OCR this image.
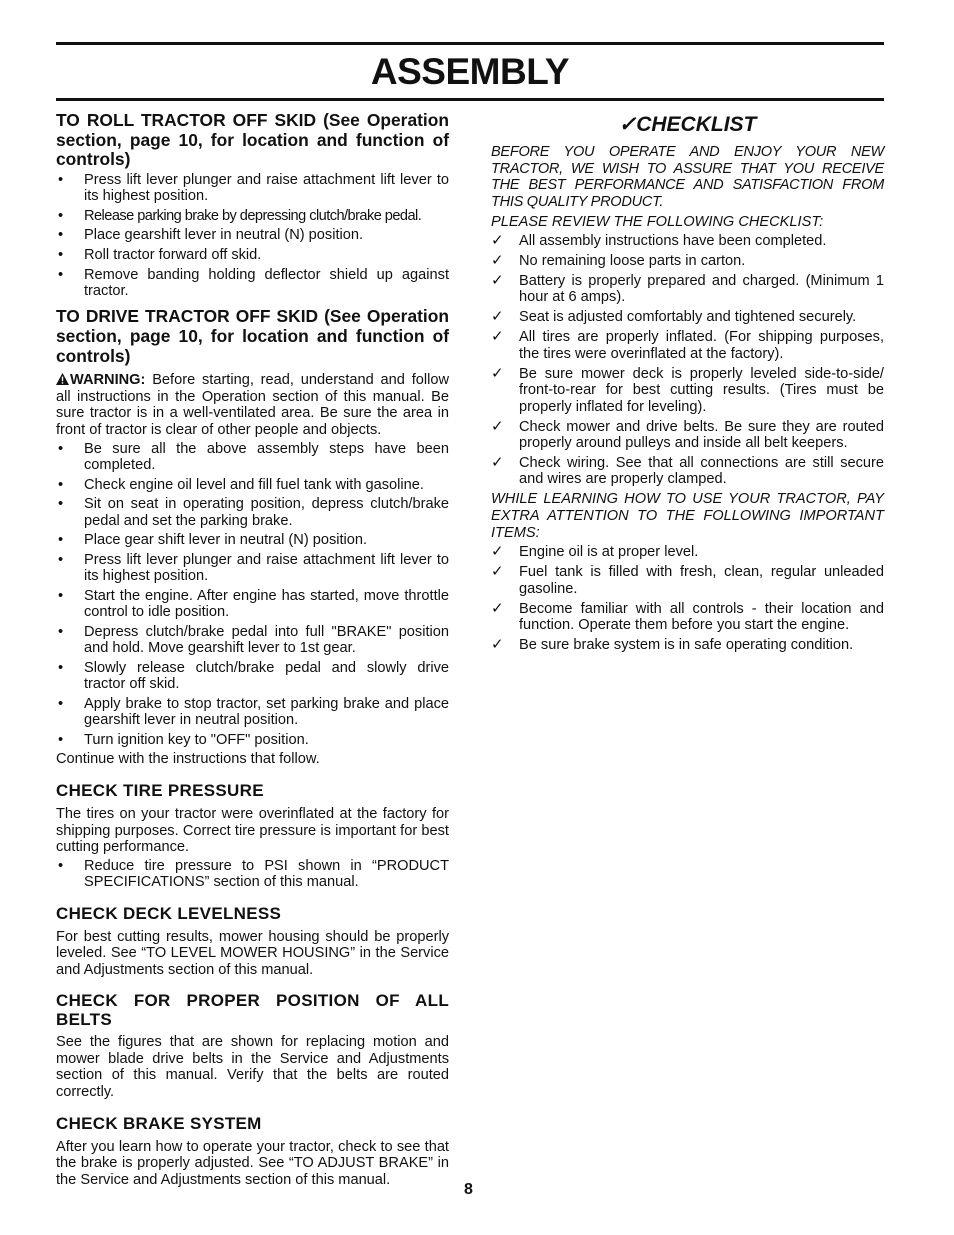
ASSEMBLY
TO ROLL TRACTOR OFF SKID (See Operation section, page 10, for location and function of controls)
• Press lift lever plunger and raise attachment lift lever to its highest position.
• Release parking brake by depressing clutch/brake pedal.
• Place gearshift lever in neutral (N) position.
• Roll tractor forward off skid.
• Remove banding holding deflector shield up against tractor.
TO DRIVE TRACTOR OFF SKID (See Operation section, page 10, for location and function of controls)

WARNING: Before starting, read, understand and follow all instructions in the Operation section of this manual. Be sure tractor is in a well-ventilated area. Be sure the area in front of tractor is clear of other people and objects.

• Be sure all the above assembly steps have been completed.
• Check engine oil level and fill fuel tank with gasoline.
• Sit on seat in operating position, depress clutch/brake pedal and set the parking brake.
• Place gear shift lever in neutral (N) position.
• Press lift lever plunger and raise attachment lift lever to its highest position.
• Start the engine. After engine has started, move throttle control to idle position.
• Depress clutch/brake pedal into full "BRAKE" position and hold. Move gearshift lever to 1st gear.
• Slowly release clutch/brake pedal and slowly drive tractor off skid.
• Apply brake to stop tractor, set parking brake and place gearshift lever in neutral position.
• Turn ignition key to "OFF" position.

Continue with the instructions that follow.

CHECK TIRE PRESSURE

The tires on your tractor were overinflated at the factory for shipping purposes. Correct tire pressure is important for best cutting performance.

• Reduce tire pressure to PSI shown in “PRODUCT SPECIFICATIONS” section of this manual.
CHECK DECK LEVELNESS

For best cutting results, mower housing should be properly leveled. See “TO LEVEL MOWER HOUSING” in the Service and Adjustments section of this manual.

CHECK FOR PROPER POSITION OF ALL BELTS

See the figures that are shown for replacing motion and mower blade drive belts in the Service and Adjustments section of this manual. Verify that the belts are routed correctly.

CHECK BRAKE SYSTEM

After you learn how to operate your tractor, check to see that the brake is properly adjusted. See “TO ADJUST BRAKE” in the Service and Adjustments section of this manual.

✓CHECKLIST

BEFORE YOU OPERATE AND ENJOY YOUR NEW TRACTOR, WE WISH TO ASSURE THAT YOU RECEIVE THE BEST PERFORMANCE AND SATISFACTION FROM THIS QUALITY PRODUCT.

PLEASE REVIEW THE FOLLOWING CHECKLIST:

✓ All assembly instructions have been completed.
✓ No remaining loose parts in carton.
✓ Battery is properly prepared and charged. (Minimum 1 hour at 6 amps).
✓ Seat is adjusted comfortably and tightened securely.
✓ All tires are properly inflated. (For shipping purposes, the tires were overinflated at the factory).
✓ Be sure mower deck is properly leveled side-to-side/ front-to-rear for best cutting results. (Tires must be properly inflated for leveling).
✓ Check mower and drive belts. Be sure they are routed properly around pulleys and inside all belt keepers.
✓ Check wiring. See that all connections are still secure and wires are properly clamped.

WHILE LEARNING HOW TO USE YOUR TRACTOR, PAY EXTRA ATTENTION TO THE FOLLOWING IMPORTANT ITEMS:

✓ Engine oil is at proper level.
✓ Fuel tank is filled with fresh, clean, regular unleaded gasoline.
✓ Become familiar with all controls - their location and function. Operate them before you start the engine.
✓ Be sure brake system is in safe operating condition.
8
